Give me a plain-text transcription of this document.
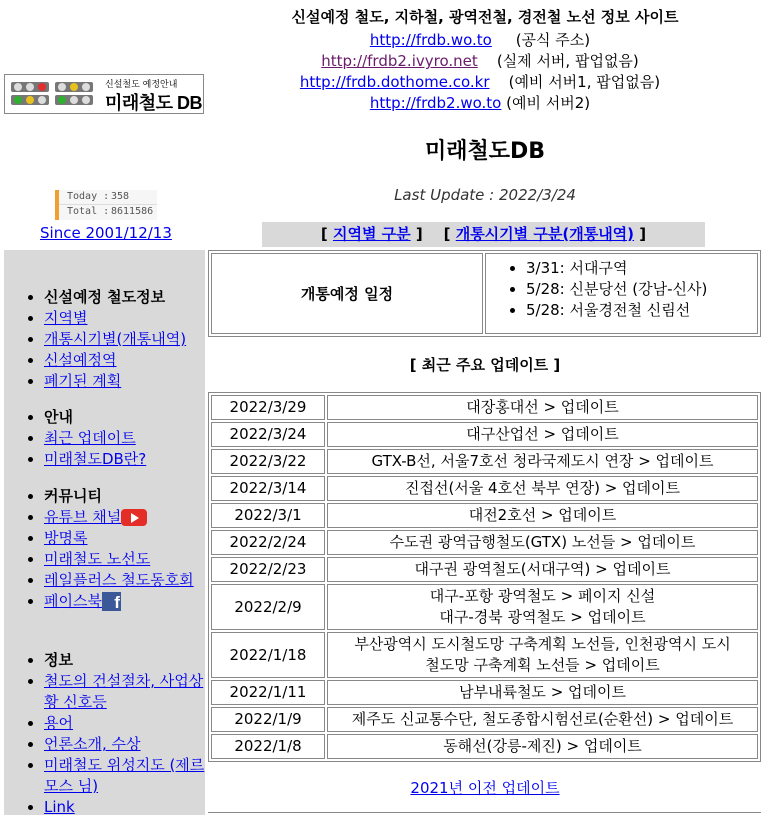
신설예정 철도, 지하철, 광역전철, 경전철 노선 정보 사이트
http://frdb.wo.to (공식 주소)
http://frdb2.ivyro.net (실제 서버, 팝업없음)
http://frdb.dothome.co.kr (예비 서버1, 팝업없음)
http://frdb2.wo.to (예비 서버2)
신설철도 예정안내
미래철도 DB
미래철도DB
Today : 358
Total : 8611586
Since 2001/12/13
Last Update : 2022/3/24
[ 지역별 구분 ]    [ 개통시기별 구분(개통내역) ]
• 신설예정 철도정보
• 지역별
• 개통시기별(개통내역)
• 신설예정역
• 폐기된 계획
• 안내
• 최근 업데이트
• 미래철도DB란?
• 커뮤니티
• 유튜브 채널
• 방명록
• 미래철도 노선도
• 레일플러스 철도동호회
• 페이스북 f
• 정보
• 철도의 건설절차, 사업상황 신호등
• 용어
• 언론소개, 수상
• 미래철도 위성지도 (제르모스 님)
• Link
개통예정 일정
• 3/31: 서대구역
• 5/28: 신분당선 (강남-신사)
• 5/28: 서울경전철 신림선
[ 최근 주요 업데이트 ]
2022/3/29	대장홍대선 > 업데이트
2022/3/24	대구산업선 > 업데이트
2022/3/22	GTX-B선, 서울7호선 청라국제도시 연장 > 업데이트
2022/3/14	진접선(서울 4호선 북부 연장) > 업데이트
2022/3/1	대전2호선 > 업데이트
2022/2/24	수도권 광역급행철도(GTX) 노선들 > 업데이트
2022/2/23	대구권 광역철도(서대구역) > 업데이트
2022/2/9	대구-포항 광역철도 > 페이지 신설
대구-경북 광역철도 > 업데이트
2022/1/18	부산광역시 도시철도망 구축계획 노선들, 인천광역시 도시
철도망 구축계획 노선들 > 업데이트
2022/1/11	남부내륙철도 > 업데이트
2022/1/9	제주도 신교통수단, 철도종합시험선로(순환선) > 업데이트
2022/1/8	동해선(강릉-제진) > 업데이트
2021년 이전 업데이트
